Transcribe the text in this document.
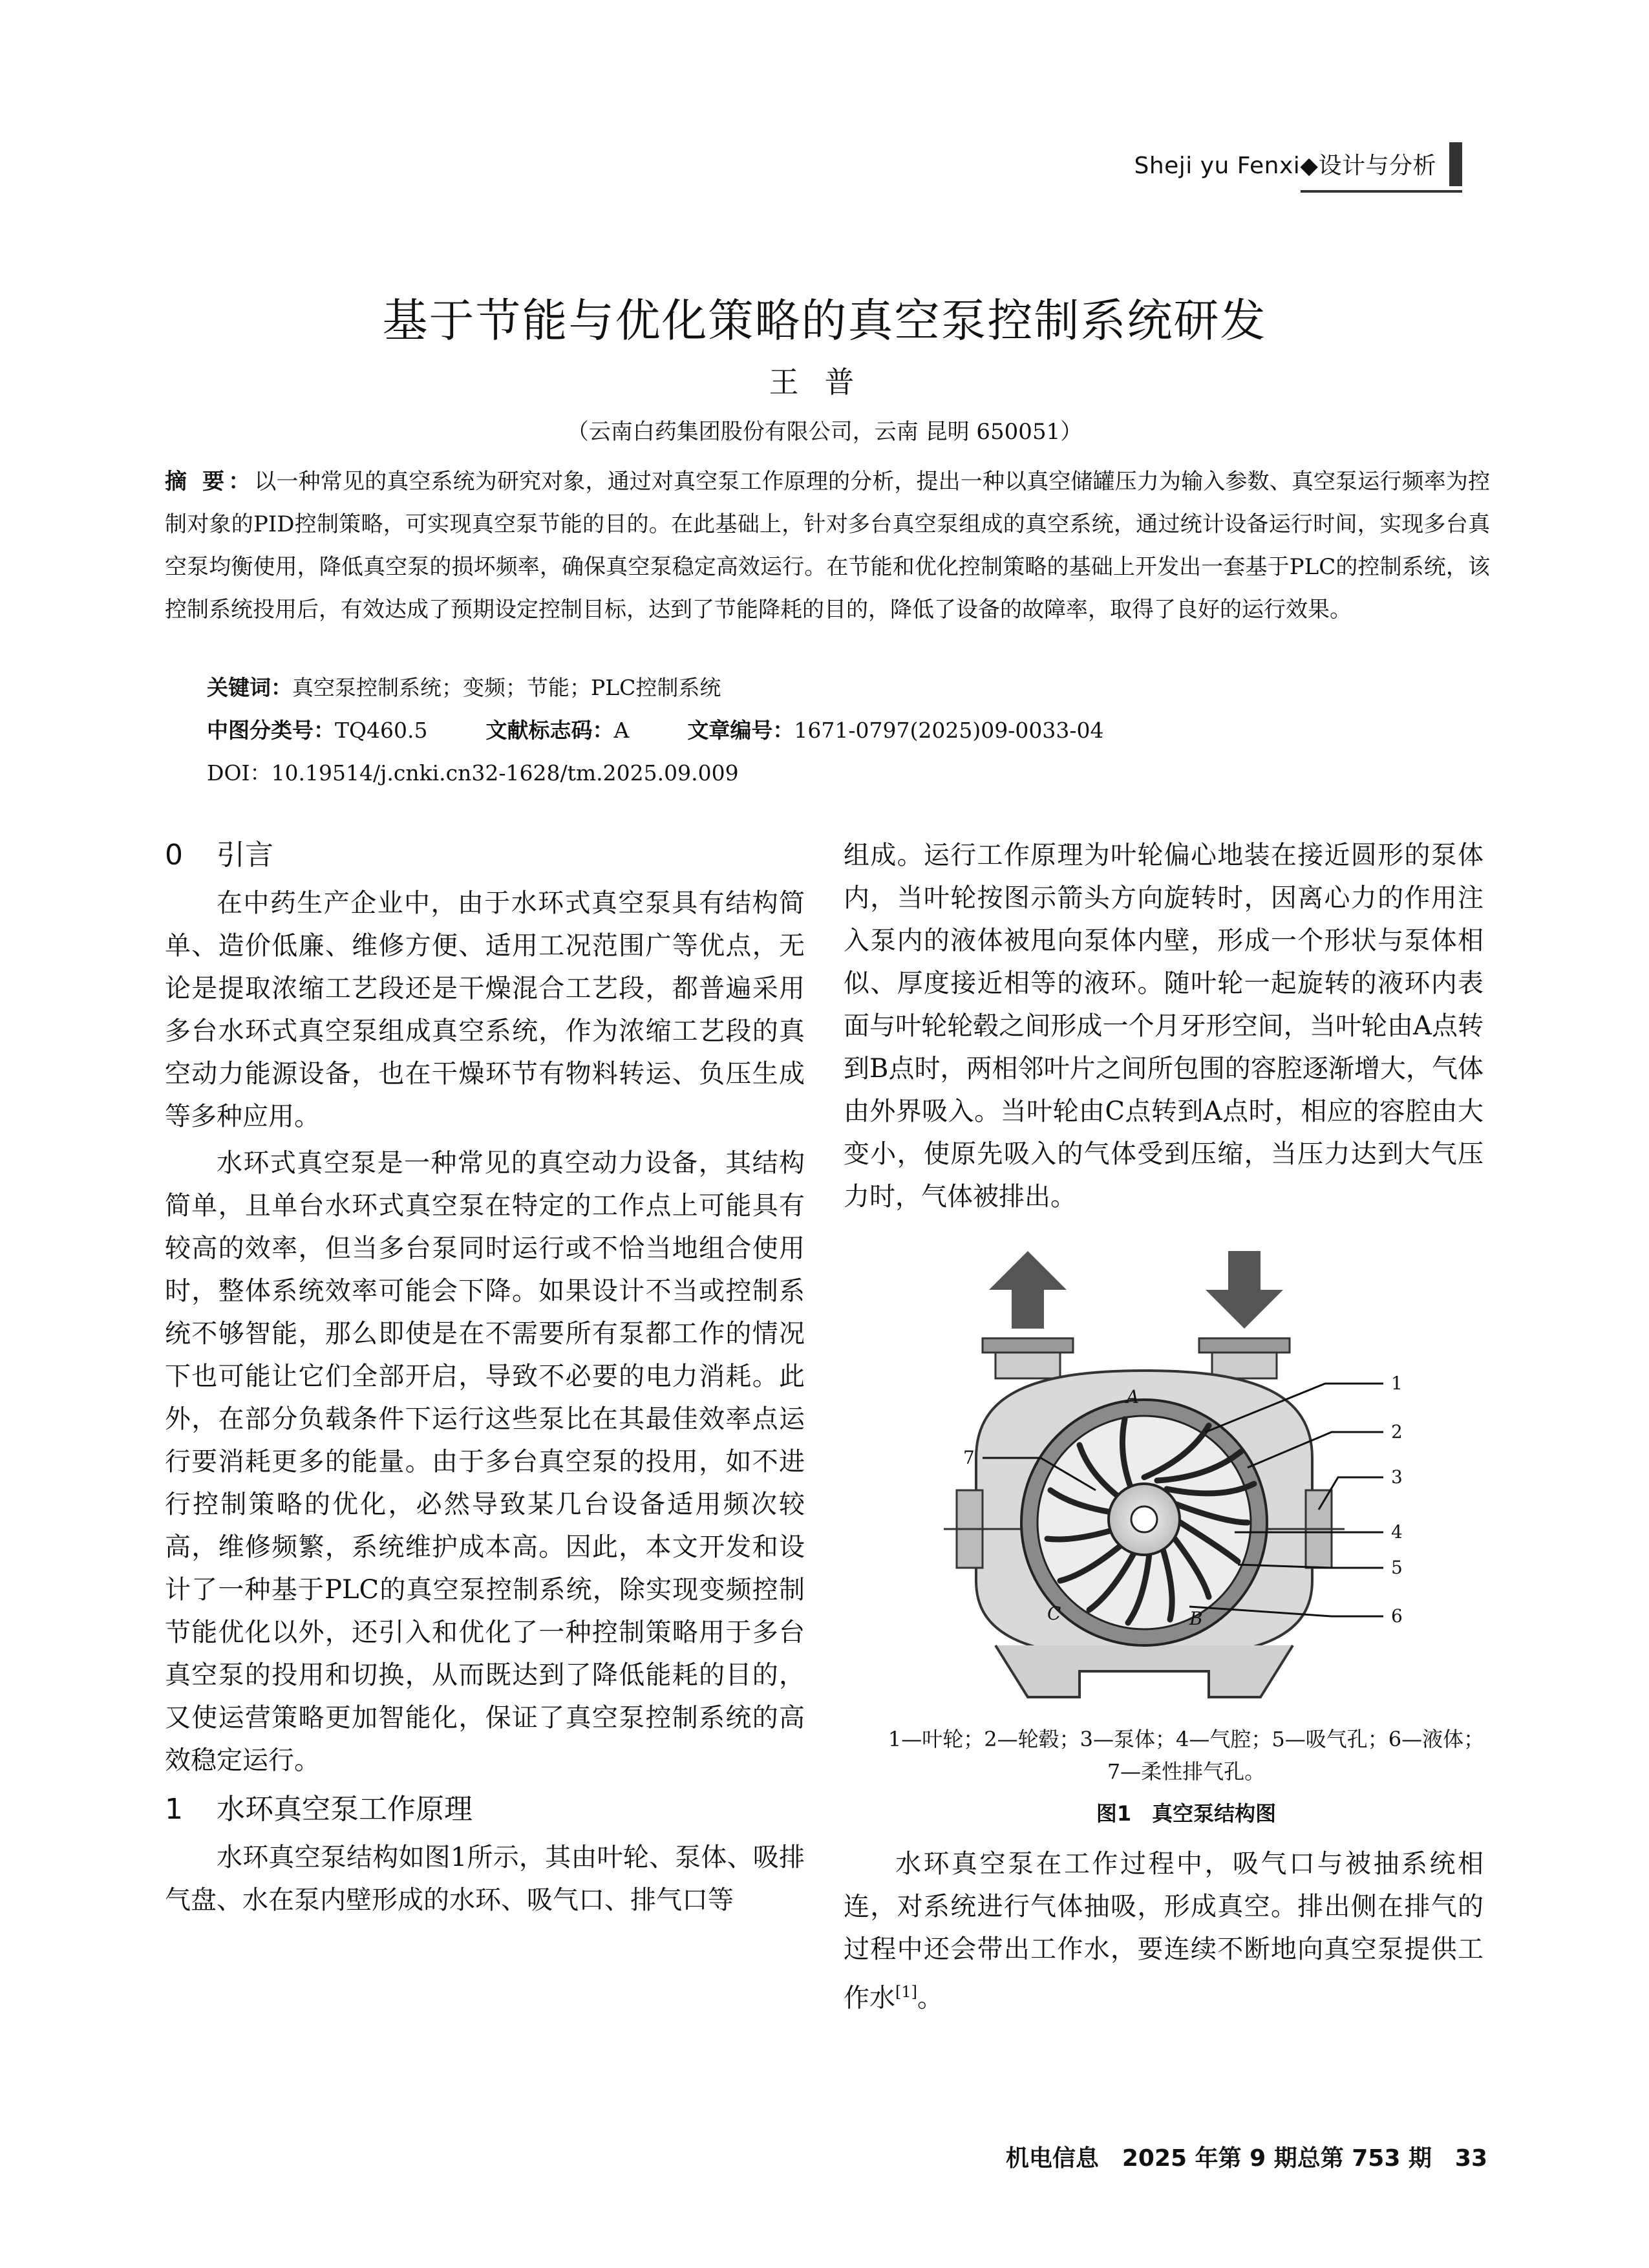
Sheji yu Fenxi◆设计与分析
基于节能与优化策略的真空泵控制系统研发
王普
（云南白药集团股份有限公司，云南 昆明 650051）
摘 要：以一种常见的真空系统为研究对象，通过对真空泵工作原理的分析，提出一种以真空储罐压力为输入参数、真空泵运行频率为控制对象的PID控制策略，可实现真空泵节能的目的。在此基础上，针对多台真空泵组成的真空系统，通过统计设备运行时间，实现多台真空泵均衡使用，降低真空泵的损坏频率，确保真空泵稳定高效运行。在节能和优化控制策略的基础上开发出一套基于PLC的控制系统，该控制系统投用后，有效达成了预期设定控制目标，达到了节能降耗的目的，降低了设备的故障率，取得了良好的运行效果。
关键词：真空泵控制系统；变频；节能；PLC控制系统
中图分类号：TQ460.5	文献标志码：A	文章编号：1671-0797(2025)09-0033-04
DOI：10.19514/j.cnki.cn32-1628/tm.2025.09.009
0 引言

在中药生产企业中，由于水环式真空泵具有结构简单、造价低廉、维修方便、适用工况范围广等优点，无论是提取浓缩工艺段还是干燥混合工艺段，都普遍采用多台水环式真空泵组成真空系统，作为浓缩工艺段的真空动力能源设备，也在干燥环节有物料转运、负压生成等多种应用。

水环式真空泵是一种常见的真空动力设备，其结构简单，且单台水环式真空泵在特定的工作点上可能具有较高的效率，但当多台泵同时运行或不恰当地组合使用时，整体系统效率可能会下降。如果设计不当或控制系统不够智能，那么即使是在不需要所有泵都工作的情况下也可能让它们全部开启，导致不必要的电力消耗。此外，在部分负载条件下运行这些泵比在其最佳效率点运行要消耗更多的能量。由于多台真空泵的投用，如不进行控制策略的优化，必然导致某几台设备适用频次较高，维修频繁，系统维护成本高。因此，本文开发和设计了一种基于PLC的真空泵控制系统，除实现变频控制节能优化以外，还引入和优化了一种控制策略用于多台真空泵的投用和切换，从而既达到了降低能耗的目的，又使运营策略更加智能化，保证了真空泵控制系统的高效稳定运行。

1 水环真空泵工作原理

水环真空泵结构如图1所示，其由叶轮、泵体、吸排气盘、水在泵内壁形成的水环、吸气口、排气口等

组成。运行工作原理为叶轮偏心地装在接近圆形的泵体内，当叶轮按图示箭头方向旋转时，因离心力的作用注入泵内的液体被甩向泵体内壁，形成一个形状与泵体相似、厚度接近相等的液环。随叶轮一起旋转的液环内表面与叶轮轮毂之间形成一个月牙形空间，当叶轮由A点转到B点时，两相邻叶片之间所包围的容腔逐渐增大，气体由外界吸入。当叶轮由C点转到A点时，相应的容腔由大变小，使原先吸入的气体受到压缩，当压力达到大气压力时，气体被排出。

A
B
C
1
2
3
4
5
6
7
1—叶轮；2—轮毂；3—泵体；4—气腔；5—吸气孔；6—液体；
7—柔性排气孔。
图1　真空泵结构图

水环真空泵在工作过程中，吸气口与被抽系统相连，对系统进行气体抽吸，形成真空。排出侧在排气的过程中还会带出工作水，要连续不断地向真空泵提供工作水[1]。

机电信息　2025 年第 9 期总第 753 期　33
